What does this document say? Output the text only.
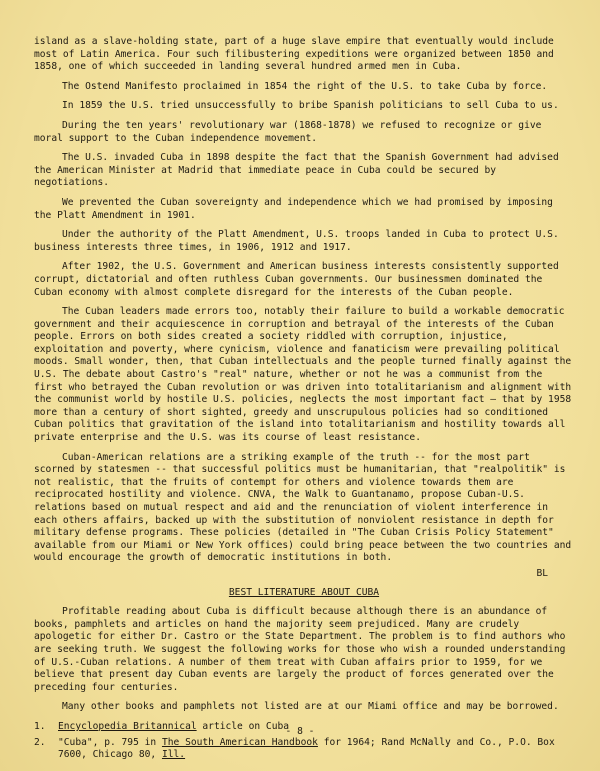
island as a slave-holding state, part of a huge slave empire that eventually would include most of Latin America. Four such filibustering expeditions were organized between 1850 and 1858, one of which succeeded in landing several hundred armed men in Cuba.

The Ostend Manifesto proclaimed in 1854 the right of the U.S. to take Cuba by force.

In 1859 the U.S. tried unsuccessfully to bribe Spanish politicians to sell Cuba to us.

During the ten years' revolutionary war (1868-1878) we refused to recognize or give moral support to the Cuban independence movement.

The U.S. invaded Cuba in 1898 despite the fact that the Spanish Government had advised the American Minister at Madrid that immediate peace in Cuba could be secured by negotiations.

We prevented the Cuban sovereignty and independence which we had promised by imposing the Platt Amendment in 1901.

Under the authority of the Platt Amendment, U.S. troops landed in Cuba to protect U.S. business interests three times, in 1906, 1912 and 1917.

After 1902, the U.S. Government and American business interests consistently supported corrupt, dictatorial and often ruthless Cuban governments. Our businessmen dominated the Cuban economy with almost complete disregard for the interests of the Cuban people.

The Cuban leaders made errors too, notably their failure to build a workable democratic government and their acquiescence in corruption and betrayal of the interests of the Cuban people. Errors on both sides created a society riddled with corruption, injustice, exploitation and poverty, where cynicism, violence and fanaticism were prevailing political moods. Small wonder, then, that Cuban intellectuals and the people turned finally against the U.S. The debate about Castro's "real" nature, whether or not he was a communist from the first who betrayed the Cuban revolution or was driven into totalitarianism and alignment with the communist world by hostile U.S. policies, neglects the most important fact — that by 1958 more than a century of short sighted, greedy and unscrupulous policies had so conditioned Cuban politics that gravitation of the island into totalitarianism and hostility towards all private enterprise and the U.S. was its course of least resistance.

Cuban-American relations are a striking example of the truth -- for the most part scorned by statesmen -- that successful politics must be humanitarian, that "realpolitik" is not realistic, that the fruits of contempt for others and violence towards them are reciprocated hostility and violence. CNVA, the Walk to Guantanamo, propose Cuban-U.S. relations based on mutual respect and aid and the renunciation of violent interference in each others affairs, backed up with the substitution of nonviolent resistance in depth for military defense programs. These policies (detailed in "The Cuban Crisis Policy Statement" available from our Miami or New York offices) could bring peace between the two countries and would encourage the growth of democratic institutions in both.

BL
BEST LITERATURE ABOUT CUBA

Profitable reading about Cuba is difficult because although there is an abundance of books, pamphlets and articles on hand the majority seem prejudiced. Many are crudely apologetic for either Dr. Castro or the State Department. The problem is to find authors who are seeking truth. We suggest the following works for those who wish a rounded understanding of U.S.-Cuban relations. A number of them treat with Cuban affairs prior to 1959, for we believe that present day Cuban events are largely the product of forces generated over the preceding four centuries.

Many other books and pamphlets not listed are at our Miami office and may be borrowed.

1.	Encyclopedia Britannical article on Cuba
2.	"Cuba", p. 795 in The South American Handbook for 1964; Rand McNally and Co., P.O. Box 7600, Chicago 80, Ill.
- 8 -
